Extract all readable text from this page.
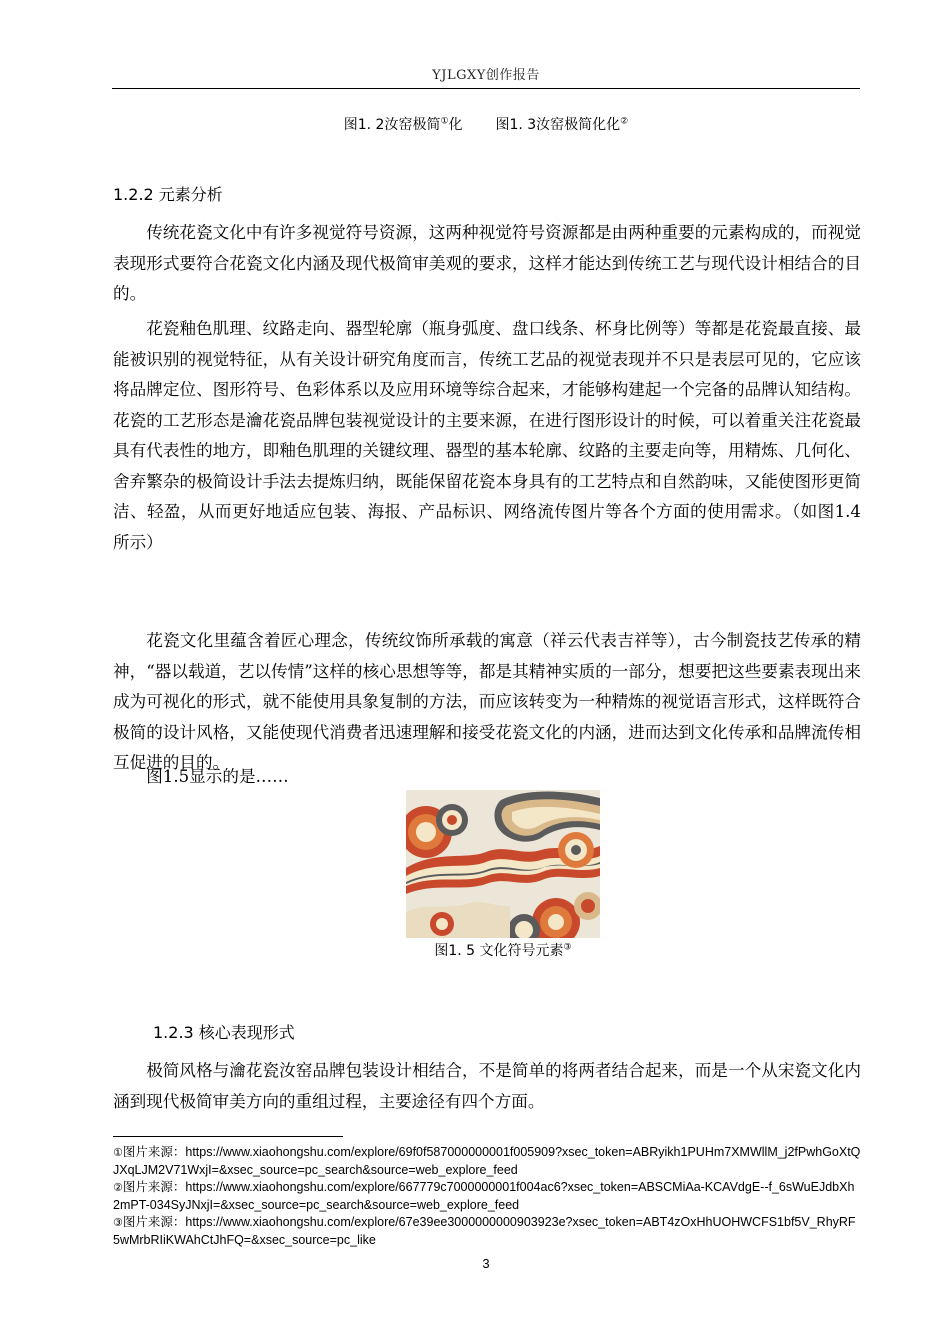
YJLGXY创作报告
图1. 2汝窑极简①化 图1. 3汝窑极简化化②
1.2.2 元素分析

传统花瓷文化中有许多视觉符号资源，这两种视觉符号资源都是由两种重要的元素构成的，而视觉表现形式要符合花瓷文化内涵及现代极简审美观的要求，这样才能达到传统工艺与现代设计相结合的目的。

花瓷釉色肌理、纹路走向、器型轮廓（瓶身弧度、盘口线条、杯身比例等）等都是花瓷最直接、最能被识别的视觉特征，从有关设计研究角度而言，传统工艺品的视觉表现并不只是表层可见的，它应该将品牌定位、图形符号、色彩体系以及应用环境等综合起来，才能够构建起一个完备的品牌认知结构。花瓷的工艺形态是瀹花瓷品牌包装视觉设计的主要来源，在进行图形设计的时候，可以着重关注花瓷最具有代表性的地方，即釉色肌理的关键纹理、器型的基本轮廓、纹路的主要走向等，用精炼、几何化、舍弃繁杂的极简设计手法去提炼归纳，既能保留花瓷本身具有的工艺特点和自然韵味，又能使图形更简洁、轻盈，从而更好地适应包装、海报、产品标识、网络流传图片等各个方面的使用需求。（如图1.4所示）

花瓷文化里蕴含着匠心理念，传统纹饰所承载的寓意（祥云代表吉祥等），古今制瓷技艺传承的精神，“器以载道，艺以传情”这样的核心思想等等，都是其精神实质的一部分，想要把这些要素表现出来成为可视化的形式，就不能使用具象复制的方法，而应该转变为一种精炼的视觉语言形式，这样既符合极简的设计风格，又能使现代消费者迅速理解和接受花瓷文化的内涵，进而达到文化传承和品牌流传相互促进的目的。

图1.5显示的是……

图1. 5 文化符号元素③
1.2.3 核心表现形式

极简风格与瀹花瓷汝窑品牌包装设计相结合，不是简单的将两者结合起来，而是一个从宋瓷文化内涵到现代极简审美方向的重组过程，主要途径有四个方面。

①图片来源：https://www.xiaohongshu.com/explore/69f0f587000000001f005909?xsec_token=ABRyikh1PUHm7XMWllM_j2fPwhGoXtQJXqLJM2V71WxjI=&xsec_source=pc_search&source=web_explore_feed
②图片来源：https://www.xiaohongshu.com/explore/667779c7000000001f004ac6?xsec_token=ABSCMiAa-KCAVdgE--f_6sWuEJdbXh2mPT-034SyJNxjI=&xsec_source=pc_search&source=web_explore_feed
③图片来源：https://www.xiaohongshu.com/explore/67e39ee3000000000903923e?xsec_token=ABT4zOxHhUOHWCFS1bf5V_RhyRF5wMrbRIiKWAhCtJhFQ=&xsec_source=pc_like
3
